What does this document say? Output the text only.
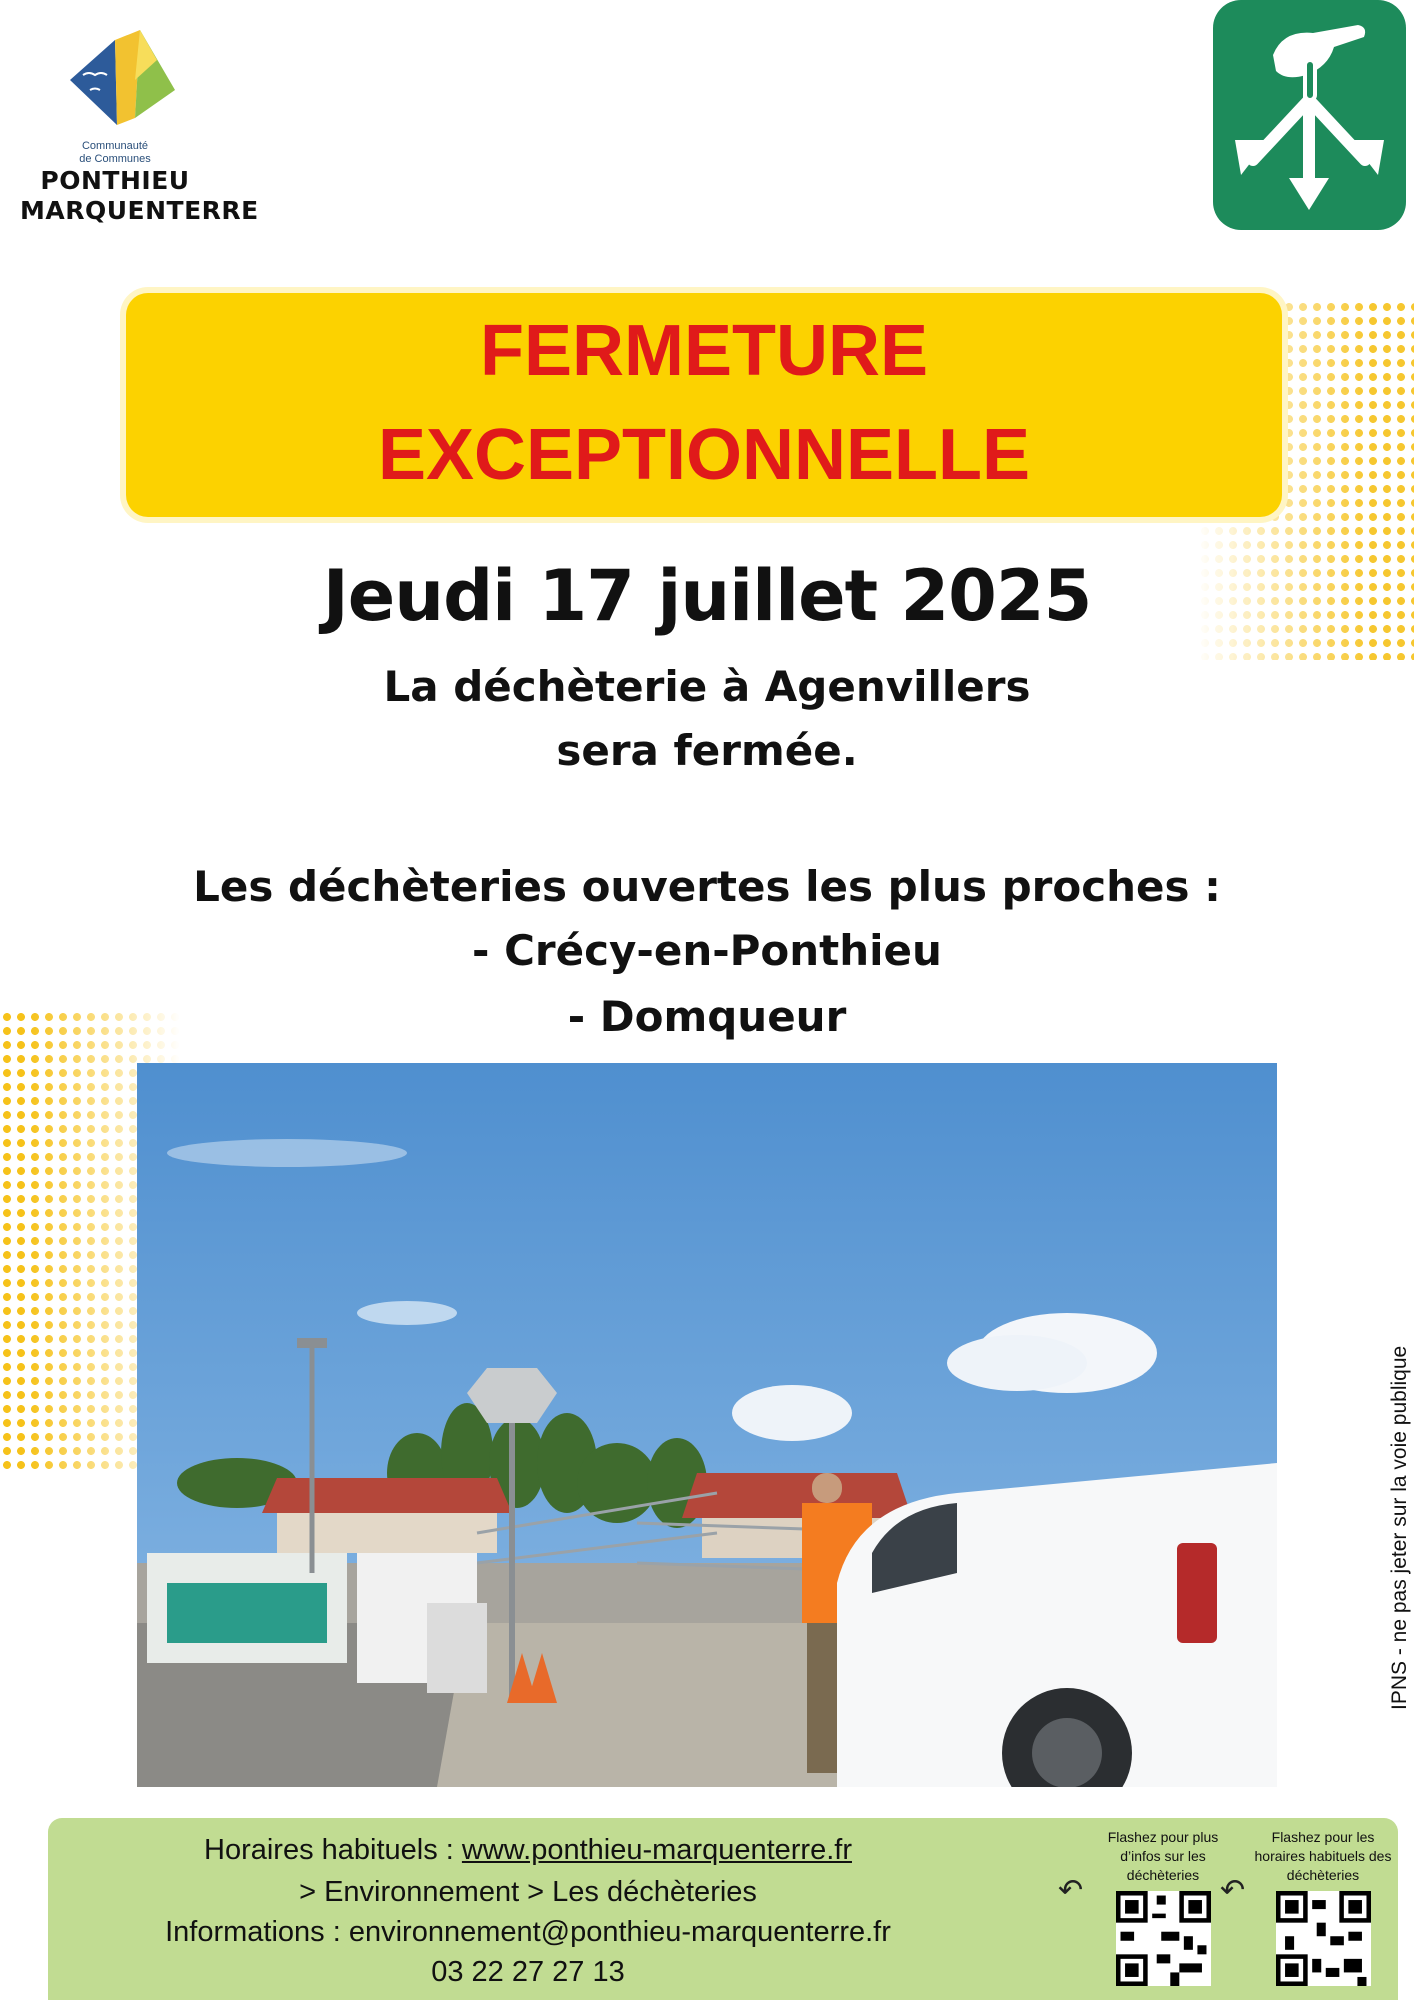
Communauté
de Communes
PONTHIEU
MARQUENTERRE
FERMETURE
EXCEPTIONNELLE
Jeudi 17 juillet 2025
La déchèterie à Agenvillers
sera fermée.
Les déchèteries ouvertes les plus proches :
- Crécy-en-Ponthieu
- Domqueur
IPNS - ne pas jeter sur la voie publique
Horaires habituels : www.ponthieu-marquenterre.fr
> Environnement > Les déchèteries
Informations : environnement@ponthieu-marquenterre.fr
03 22 27 27 13
Flashez pour plus d’infos sur les déchèteries
↶
Flashez pour les horaires habituels des déchèteries
↶
